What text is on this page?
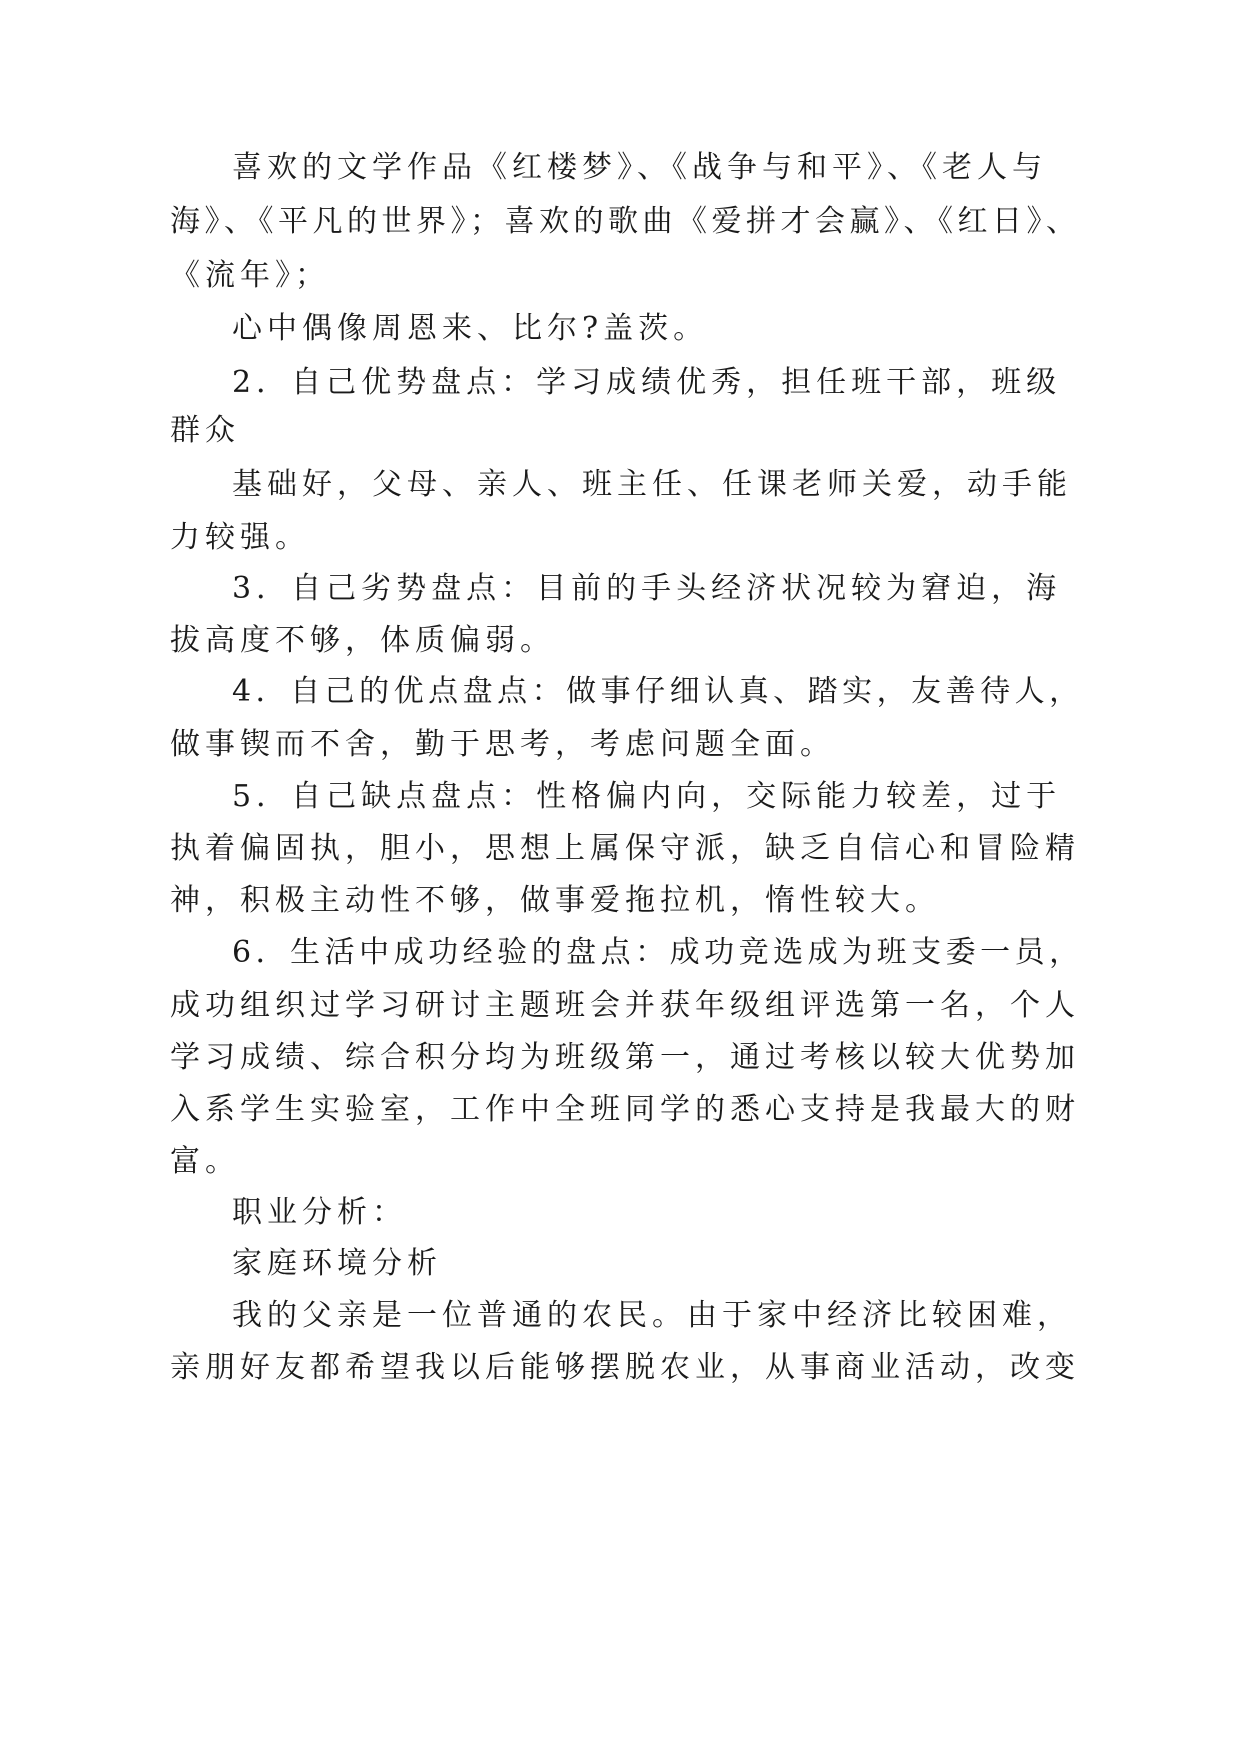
喜欢的文学作品《红楼梦》、《战争与和平》、《老人与
海》、《平凡的世界》；喜欢的歌曲《爱拼才会赢》、《红日》、
《流年》；
心中偶像周恩来、比尔?盖茨。
2．自己优势盘点：学习成绩优秀，担任班干部，班级
群众
基础好，父母、亲人、班主任、任课老师关爱，动手能
力较强。
3．自己劣势盘点：目前的手头经济状况较为窘迫，海
拔高度不够，体质偏弱。
4．自己的优点盘点：做事仔细认真、踏实，友善待人，
做事锲而不舍，勤于思考，考虑问题全面。
5．自己缺点盘点：性格偏内向，交际能力较差，过于
执着偏固执，胆小，思想上属保守派，缺乏自信心和冒险精
神，积极主动性不够，做事爱拖拉机，惰性较大。
6．生活中成功经验的盘点：成功竞选成为班支委一员，
成功组织过学习研讨主题班会并获年级组评选第一名，个人
学习成绩、综合积分均为班级第一，通过考核以较大优势加
入系学生实验室，工作中全班同学的悉心支持是我最大的财
富。
职业分析：
家庭环境分析
我的父亲是一位普通的农民。由于家中经济比较困难，
亲朋好友都希望我以后能够摆脱农业，从事商业活动，改变
